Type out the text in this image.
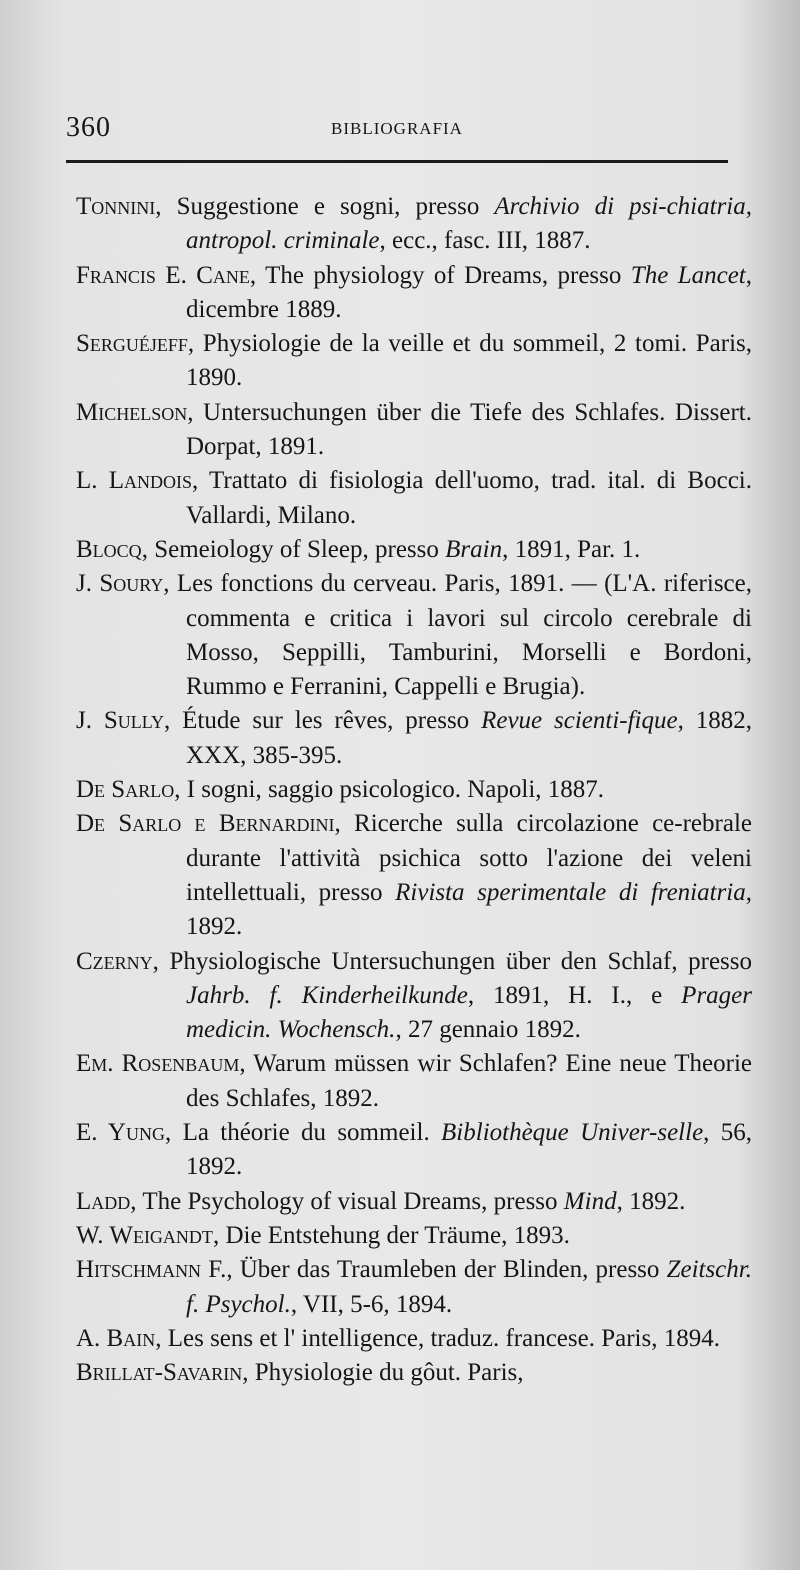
360	BIBLIOGRAFIA

Tonnini, Suggestione e sogni, presso Archivio di psi-chiatria, antropol. criminale, ecc., fasc. III, 1887.

Francis E. Cane, The physiology of Dreams, presso The Lancet, dicembre 1889.

Serguéjeff, Physiologie de la veille et du sommeil, 2 tomi. Paris, 1890.

Michelson, Untersuchungen über die Tiefe des Schlafes. Dissert. Dorpat, 1891.

L. Landois, Trattato di fisiologia dell'uomo, trad. ital. di Bocci. Vallardi, Milano.

Blocq, Semeiology of Sleep, presso Brain, 1891, Par. 1.

J. Soury, Les fonctions du cerveau. Paris, 1891. — (L'A. riferisce, commenta e critica i lavori sul circolo cerebrale di Mosso, Seppilli, Tamburini, Morselli e Bordoni, Rummo e Ferranini, Cappelli e Brugia).

J. Sully, Étude sur les rêves, presso Revue scienti-fique, 1882, XXX, 385-395.

De Sarlo, I sogni, saggio psicologico. Napoli, 1887.

De Sarlo e Bernardini, Ricerche sulla circolazione ce-rebrale durante l'attività psichica sotto l'azione dei veleni intellettuali, presso Rivista sperimentale di freniatria, 1892.

Czerny, Physiologische Untersuchungen über den Schlaf, presso Jahrb. f. Kinderheilkunde, 1891, H. I., e Prager medicin. Wochensch., 27 gennaio 1892.

Em. Rosenbaum, Warum müssen wir Schlafen? Eine neue Theorie des Schlafes, 1892.

E. Yung, La théorie du sommeil. Bibliothèque Univer-selle, 56, 1892.

Ladd, The Psychology of visual Dreams, presso Mind, 1892.

W. Weigandt, Die Entstehung der Träume, 1893.

Hitschmann F., Über das Traumleben der Blinden, presso Zeitschr. f. Psychol., VII, 5-6, 1894.

A. Bain, Les sens et l' intelligence, traduz. francese. Paris, 1894.

Brillat-Savarin, Physiologie du gôut. Paris,
